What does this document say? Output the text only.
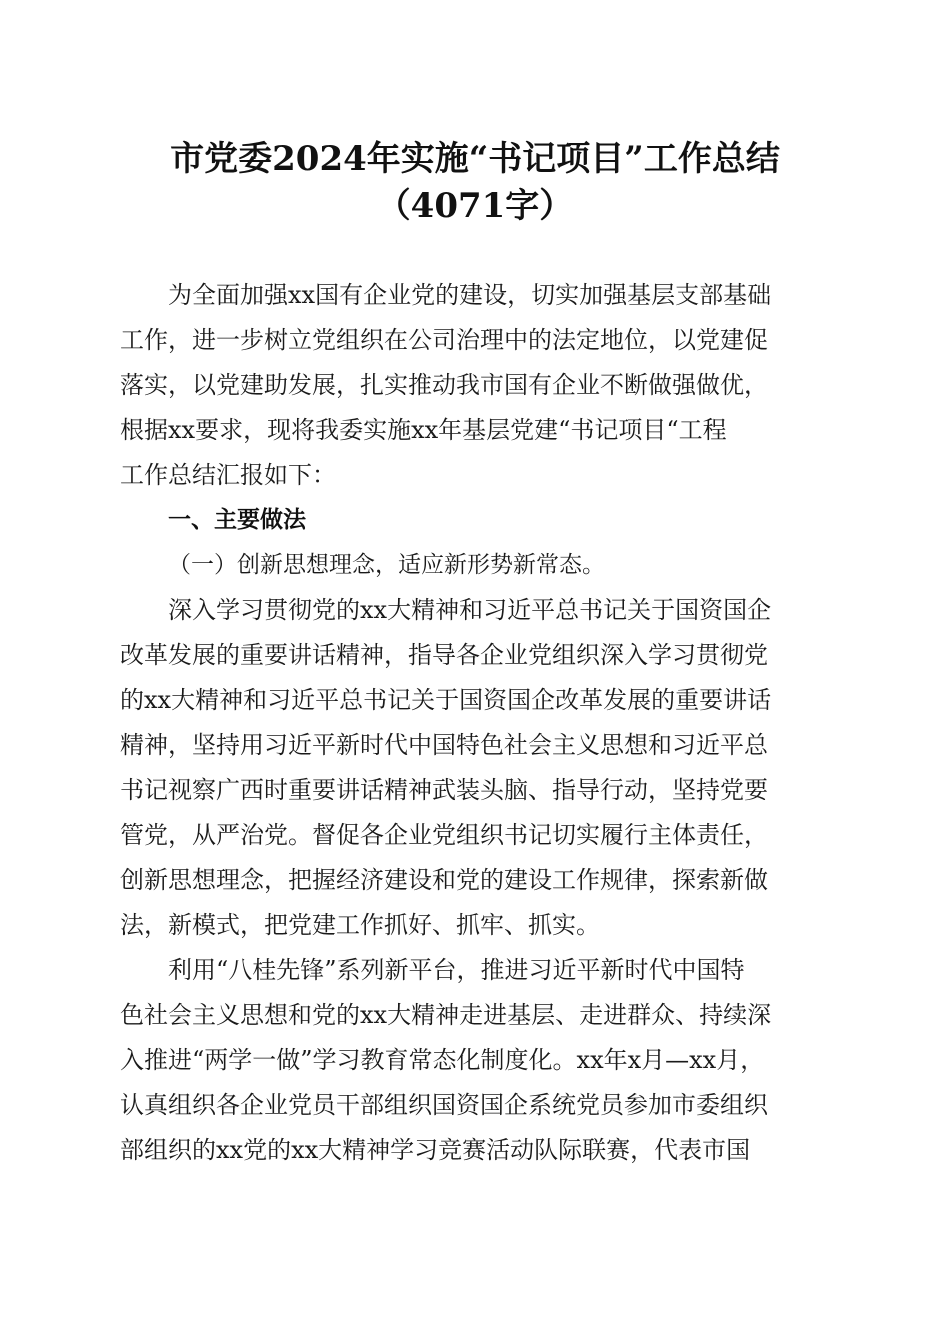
市党委2024年实施“书记项目”工作总结
（4071字）
　　为全面加强xx国有企业党的建设，切实加强基层支部基础
工作，进一步树立党组织在公司治理中的法定地位，以党建促
落实，以党建助发展，扎实推动我市国有企业不断做强做优，
根据xx要求，现将我委实施xx年基层党建“书记项目“工程
工作总结汇报如下：
一、主要做法
（一）创新思想理念，适应新形势新常态。
　　深入学习贯彻党的xx大精神和习近平总书记关于国资国企
改革发展的重要讲话精神，指导各企业党组织深入学习贯彻党
的xx大精神和习近平总书记关于国资国企改革发展的重要讲话
精神，坚持用习近平新时代中国特色社会主义思想和习近平总
书记视察广西时重要讲话精神武装头脑、指导行动，坚持党要
管党，从严治党。督促各企业党组织书记切实履行主体责任，
创新思想理念，把握经济建设和党的建设工作规律，探索新做
法，新模式，把党建工作抓好、抓牢、抓实。
　　利用“八桂先锋”系列新平台，推进习近平新时代中国特
色社会主义思想和党的xx大精神走进基层、走进群众、持续深
入推进“两学一做”学习教育常态化制度化。xx年x月—xx月，
认真组织各企业党员干部组织国资国企系统党员参加市委组织
部组织的xx党的xx大精神学习竞赛活动队际联赛，代表市国
